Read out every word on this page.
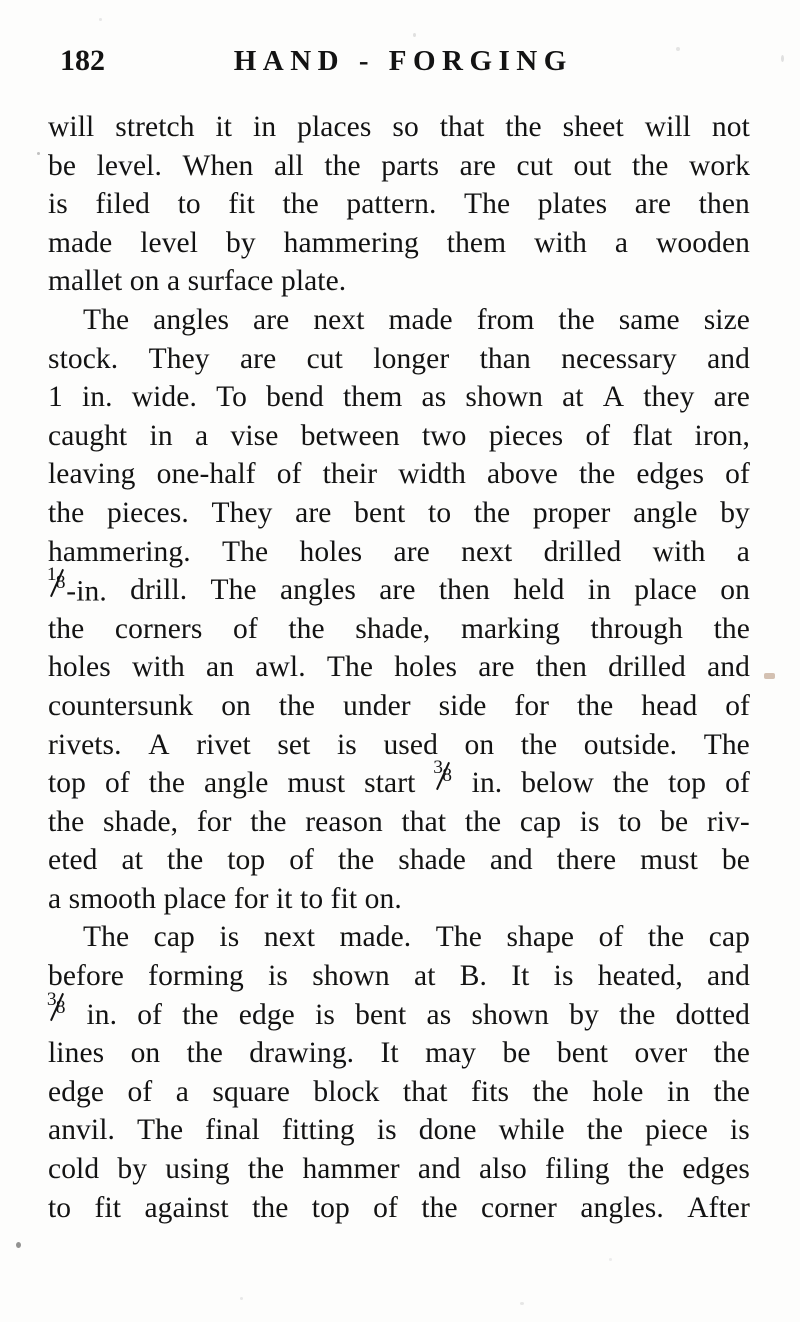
182	HAND - FORGING
will stretch it in places so that the sheet will not
be level. When all the parts are cut out the work
is filed to fit the pattern. The plates are then
made level by hammering them with a wooden
mallet on a surface plate.
The angles are next made from the same size
stock. They are cut longer than necessary and
1 in. wide. To bend them as shown at A they are
caught in a vise between two pieces of flat iron,
leaving one-half of their width above the edges of
the pieces. They are bent to the proper angle by
hammering. The holes are next drilled with a
1 8 -in. drill. The angles are then held in place on
the corners of the shade, marking through the
holes with an awl. The holes are then drilled and
countersunk on the under side for the head of
rivets. A rivet set is used on the outside. The
top of the angle must start 3 8 in. below the top of
the shade, for the reason that the cap is to be riv-
eted at the top of the shade and there must be
a smooth place for it to fit on.
The cap is next made. The shape of the cap
before forming is shown at B. It is heated, and
3 8 in. of the edge is bent as shown by the dotted
lines on the drawing. It may be bent over the
edge of a square block that fits the hole in the
anvil. The final fitting is done while the piece is
cold by using the hammer and also filing the edges
to fit against the top of the corner angles. After
